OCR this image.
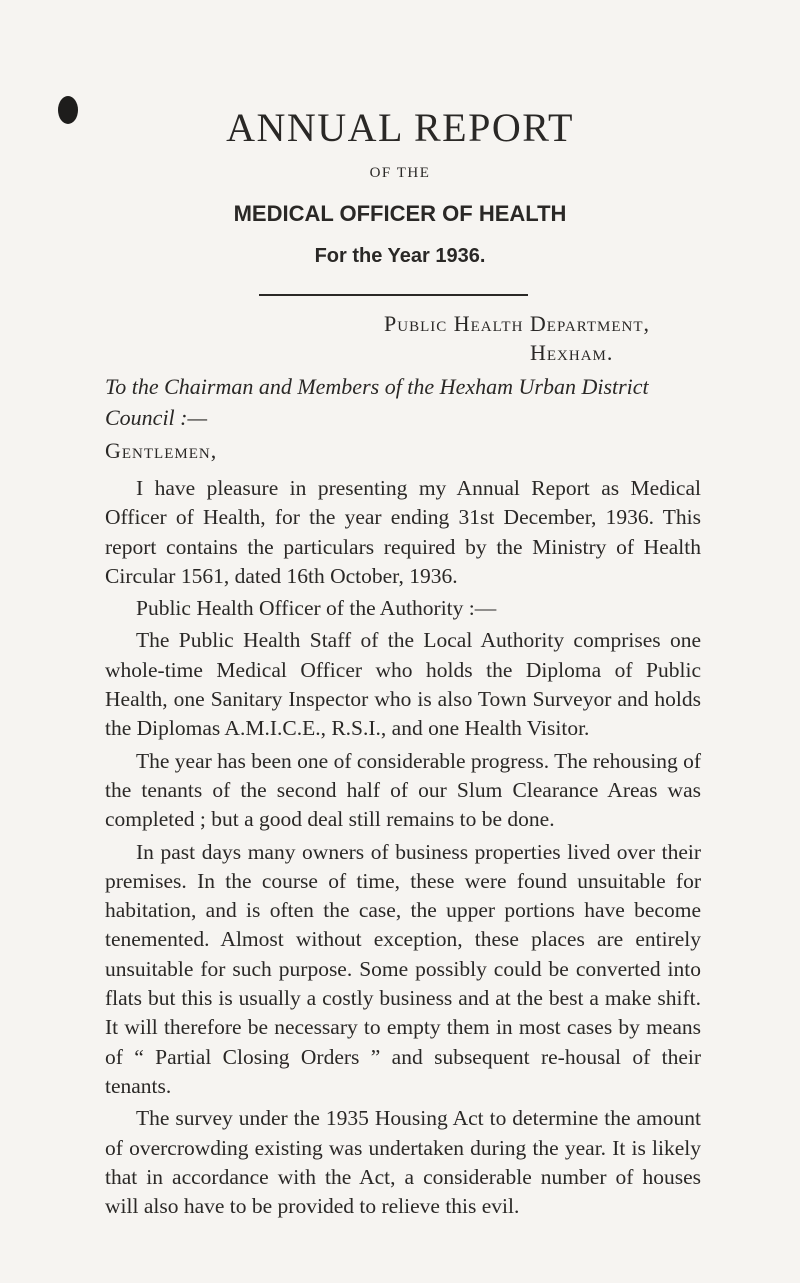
ANNUAL REPORT
OF THE
MEDICAL OFFICER OF HEALTH
For the Year 1936.
Public Health Department,
Hexham.
To the Chairman and Members of the Hexham Urban District
Council :—
Gentlemen,

I have pleasure in presenting my Annual Report as Medical Officer of Health, for the year ending 31st December, 1936. This report contains the particulars required by the Ministry of Health Circular 1561, dated 16th October, 1936.

Public Health Officer of the Authority :—

The Public Health Staff of the Local Authority comprises one whole-time Medical Officer who holds the Diploma of Public Health, one Sanitary Inspector who is also Town Surveyor and holds the Diplomas A.M.I.C.E., R.S.I., and one Health Visitor.

The year has been one of considerable progress. The rehousing of the tenants of the second half of our Slum Clearance Areas was completed ; but a good deal still remains to be done.

In past days many owners of business properties lived over their premises. In the course of time, these were found unsuitable for habitation, and is often the case, the upper portions have become tenemented. Almost without exception, these places are entirely unsuitable for such purpose. Some possibly could be converted into flats but this is usually a costly business and at the best a make shift. It will therefore be necessary to empty them in most cases by means of “ Partial Closing Orders ” and subsequent re-housal of their tenants.

The survey under the 1935 Housing Act to determine the amount of overcrowding existing was undertaken during the year. It is likely that in accordance with the Act, a considerable number of houses will also have to be provided to relieve this evil.
